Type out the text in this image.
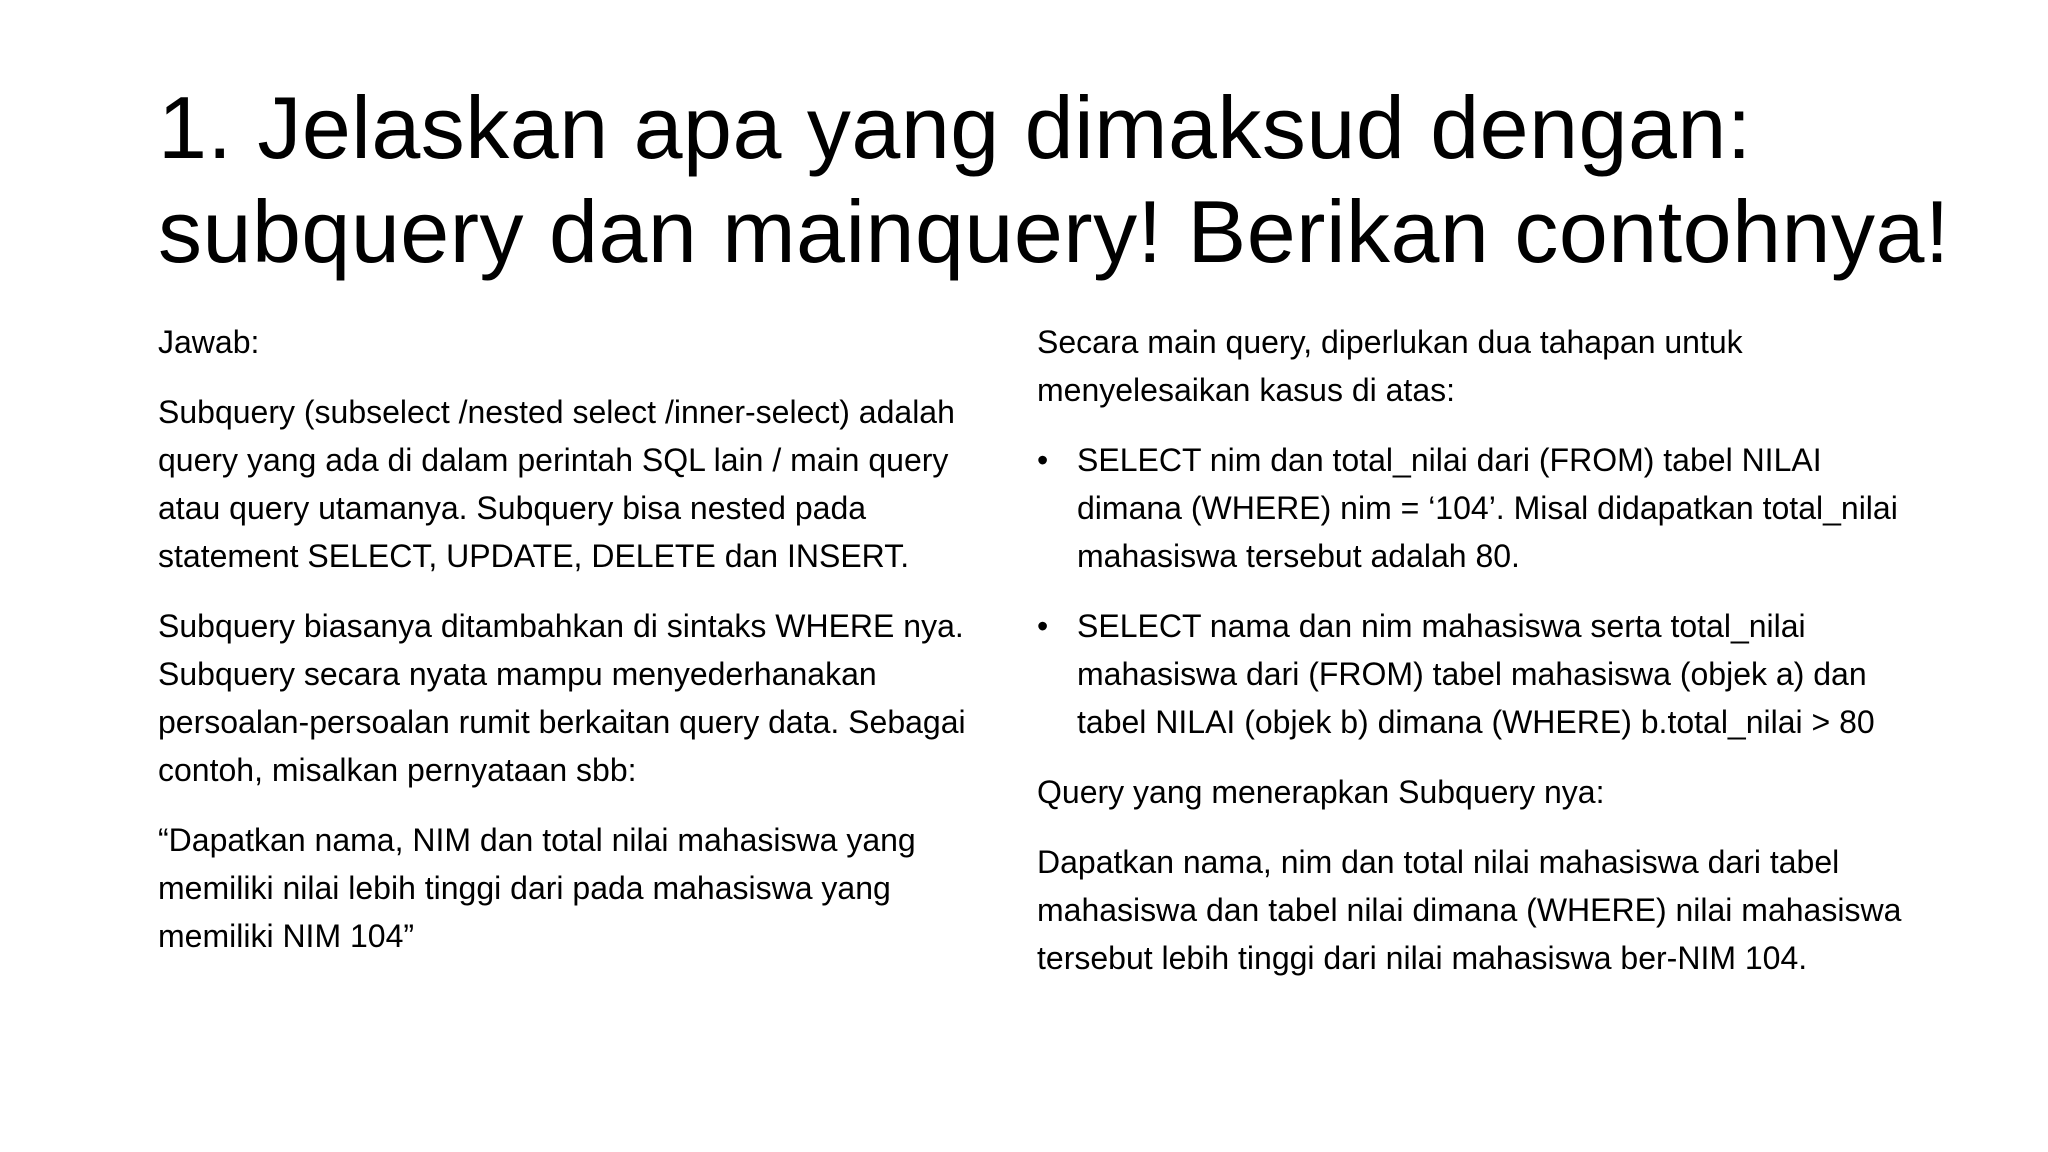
1. Jelaskan apa yang dimaksud dengan:
subquery dan mainquery! Berikan contohnya!

Jawab:

Subquery (subselect /nested select /inner-select) adalah query yang ada di dalam perintah SQL lain / main query atau query utamanya. Subquery bisa nested pada statement SELECT, UPDATE, DELETE dan INSERT.

Subquery biasanya ditambahkan di sintaks WHERE nya. Subquery secara nyata mampu menyederhanakan persoalan-persoalan rumit berkaitan query data. Sebagai contoh, misalkan pernyataan sbb:

“Dapatkan nama, NIM dan total nilai mahasiswa yang memiliki nilai lebih tinggi dari pada mahasiswa yang memiliki NIM 104”

Secara main query, diperlukan dua tahapan untuk menyelesaikan kasus di atas:

• SELECT nim dan total_nilai dari (FROM) tabel NILAI dimana (WHERE) nim = ‘104’. Misal didapatkan total_nilai mahasiswa tersebut adalah 80.
• SELECT nama dan nim mahasiswa serta total_nilai mahasiswa dari (FROM) tabel mahasiswa (objek a) dan tabel NILAI (objek b) dimana (WHERE) b.total_nilai > 80

Query yang menerapkan Subquery nya:

Dapatkan nama, nim dan total nilai mahasiswa dari tabel mahasiswa dan tabel nilai dimana (WHERE) nilai mahasiswa tersebut lebih tinggi dari nilai mahasiswa ber-NIM 104.
